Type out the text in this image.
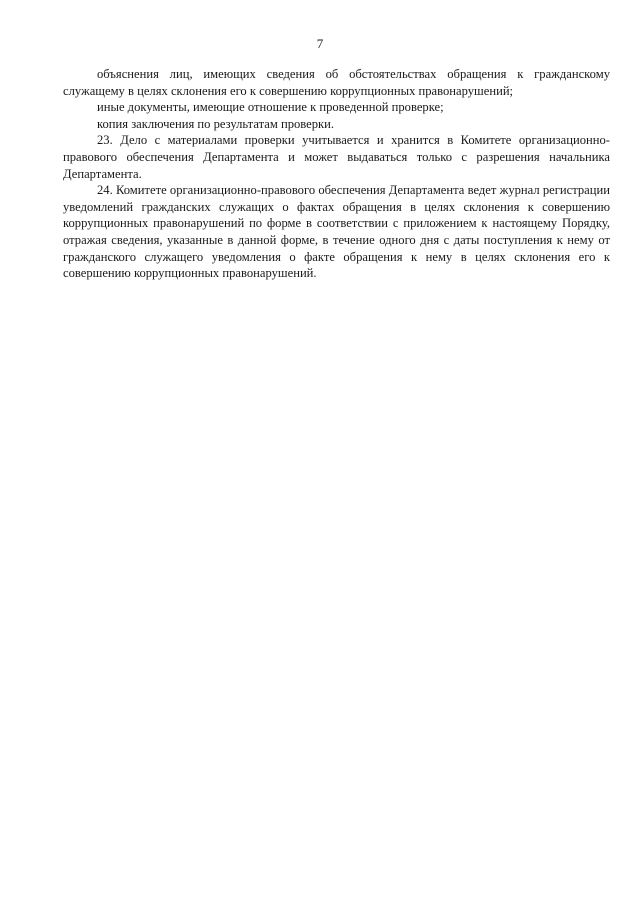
7

объяснения лиц, имеющих сведения об обстоятельствах обращения к гражданскому служащему в целях склонения его к совершению коррупционных правонарушений;

иные документы, имеющие отношение к проведенной проверке;

копия заключения по результатам проверки.

23. Дело с материалами проверки учитывается и хранится в Комитете организационно-правового обеспечения Департамента и может выдаваться только с разрешения начальника Департамента.

24. Комитете организационно-правового обеспечения Департамента ведет журнал регистрации уведомлений гражданских служащих о фактах обращения в целях склонения к совершению коррупционных правонарушений по форме в соответствии с приложением к настоящему Порядку, отражая сведения, указанные в данной форме, в течение одного дня с даты поступления к нему от гражданского служащего уведомления о факте обращения к нему в целях склонения его к совершению коррупционных правонарушений.
